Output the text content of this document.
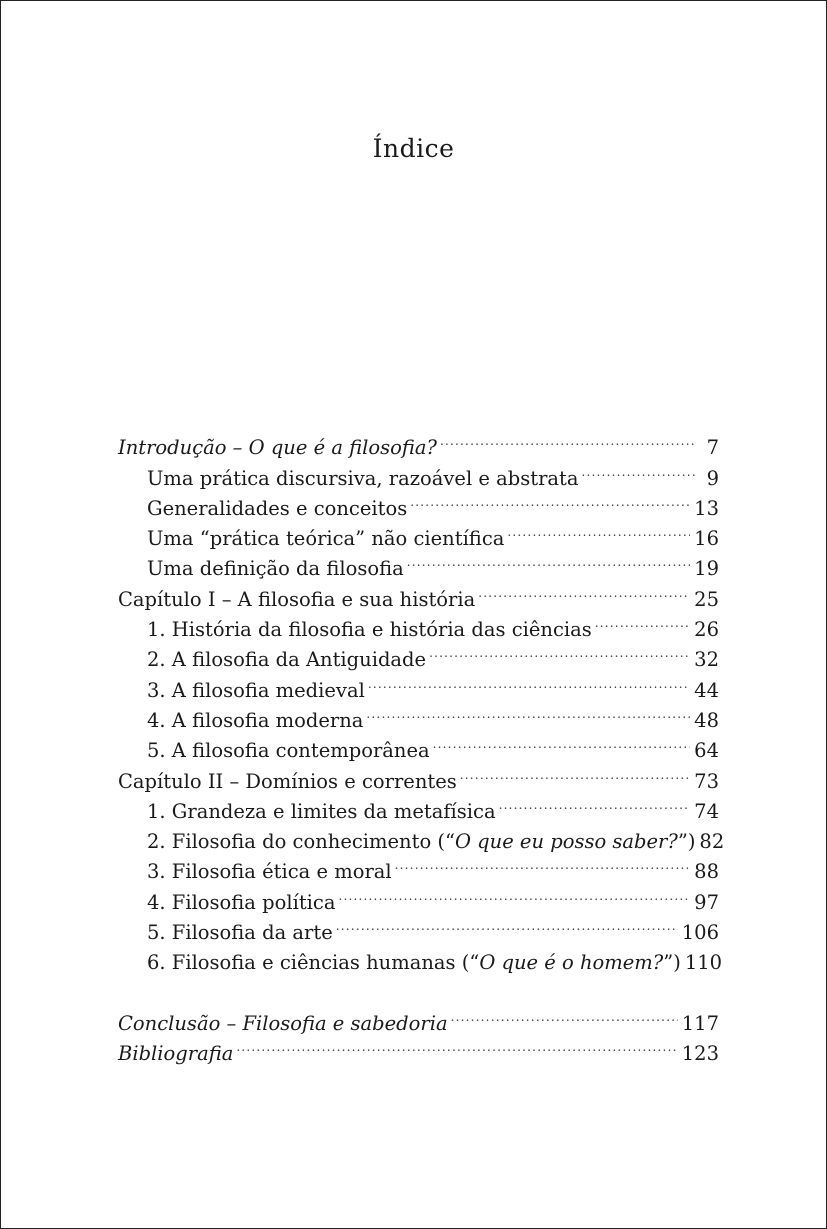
Índice
Introdução – O que é a filosofia? .....	7
Uma prática discursiva, razoável e abstrata .....	9
Generalidades e conceitos .....	13
Uma “prática teórica” não científica .....	16
Uma definição da filosofia .....	19
Capítulo I – A filosofia e sua história .....	25
1. História da filosofia e história das ciências .....	26
2. A filosofia da Antiguidade .....	32
3. A filosofia medieval .....	44
4. A filosofia moderna .....	48
5. A filosofia contemporânea .....	64
Capítulo II – Domínios e correntes .....	73
1. Grandeza e limites da metafísica .....	74
2. Filosofia do conhecimento (“O que eu posso saber?”) 82
3. Filosofia ética e moral .....	88
4. Filosofia política .....	97
5. Filosofia da arte .....	106
6. Filosofia e ciências humanas (“O que é o homem?”) 110
Conclusão – Filosofia e sabedoria .....	117
Bibliografia .....	123
